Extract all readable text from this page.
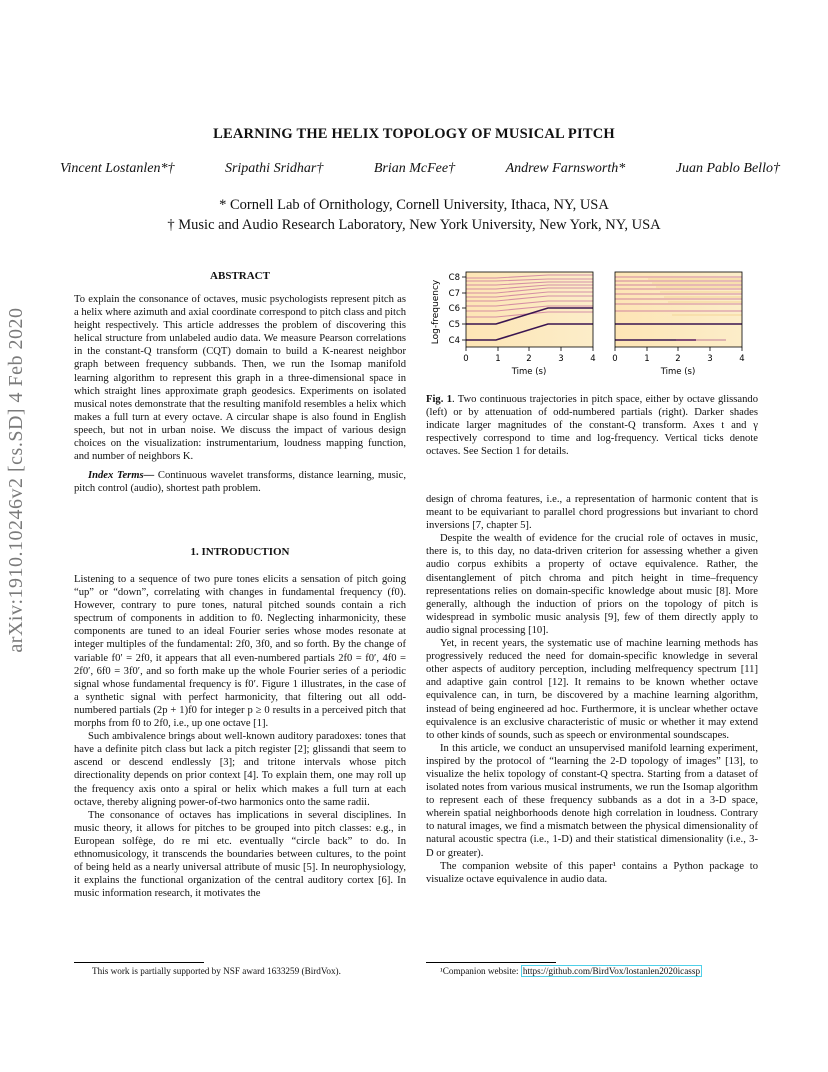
arXiv:1910.10246v2 [cs.SD] 4 Feb 2020
LEARNING THE HELIX TOPOLOGY OF MUSICAL PITCH
Vincent Lostanlen*†	Sripathi Sridhar†	Brian McFee†	Andrew Farnsworth*	Juan Pablo Bello†
* Cornell Lab of Ornithology, Cornell University, Ithaca, NY, USA
† Music and Audio Research Laboratory, New York University, New York, NY, USA
ABSTRACT

To explain the consonance of octaves, music psychologists represent pitch as a helix where azimuth and axial coordinate correspond to pitch class and pitch height respectively. This article addresses the problem of discovering this helical structure from unlabeled audio data. We measure Pearson correlations in the constant-Q transform (CQT) domain to build a K-nearest neighbor graph between frequency subbands. Then, we run the Isomap manifold learning algorithm to represent this graph in a three-dimensional space in which straight lines approximate graph geodesics. Experiments on isolated musical notes demonstrate that the resulting manifold resembles a helix which makes a full turn at every octave. A circular shape is also found in English speech, but not in urban noise. We discuss the impact of various design choices on the visualization: instrumentarium, loudness mapping function, and number of neighbors K.

Index Terms— Continuous wavelet transforms, distance learning, music, pitch control (audio), shortest path problem.

1. INTRODUCTION

Listening to a sequence of two pure tones elicits a sensation of pitch going “up” or “down”, correlating with changes in fundamental frequency (f0). However, contrary to pure tones, natural pitched sounds contain a rich spectrum of components in addition to f0. Neglecting inharmonicity, these components are tuned to an ideal Fourier series whose modes resonate at integer multiples of the fundamental: 2f0, 3f0, and so forth. By the change of variable f0′ = 2f0, it appears that all even-numbered partials 2f0 = f0′, 4f0 = 2f0′, 6f0 = 3f0′, and so forth make up the whole Fourier series of a periodic signal whose fundamental frequency is f0′. Figure 1 illustrates, in the case of a synthetic signal with perfect harmonicity, that filtering out all odd-numbered partials (2p + 1)f0 for integer p ≥ 0 results in a perceived pitch that morphs from f0 to 2f0, i.e., up one octave [1].

Such ambivalence brings about well-known auditory paradoxes: tones that have a definite pitch class but lack a pitch register [2]; glissandi that seem to ascend or descend endlessly [3]; and tritone intervals whose pitch directionality depends on prior context [4]. To explain them, one may roll up the frequency axis onto a spiral or helix which makes a full turn at each octave, thereby aligning power-of-two harmonics onto the same radii.

The consonance of octaves has implications in several disciplines. In music theory, it allows for pitches to be grouped into pitch classes: e.g., in European solfège, do re mi etc. eventually “circle back” to do. In ethnomusicology, it transcends the boundaries between cultures, to the point of being held as a nearly universal attribute of music [5]. In neurophysiology, it explains the functional organization of the central auditory cortex [6]. In music information research, it motivates the

This work is partially supported by NSF award 1633259 (BirdVox).
Log-frequency
C8
C7
C6
C5
C4
0	1	2	3	4 0	1	2	3	4
Time (s)	Time (s)
Fig. 1. Two continuous trajectories in pitch space, either by octave glissando (left) or by attenuation of odd-numbered partials (right). Darker shades indicate larger magnitudes of the constant-Q transform. Axes t and γ respectively correspond to time and log-frequency. Vertical ticks denote octaves. See Section 1 for details.

design of chroma features, i.e., a representation of harmonic content that is meant to be equivariant to parallel chord progressions but invariant to chord inversions [7, chapter 5].

Despite the wealth of evidence for the crucial role of octaves in music, there is, to this day, no data-driven criterion for assessing whether a given audio corpus exhibits a property of octave equivalence. Rather, the disentanglement of pitch chroma and pitch height in time–frequency representations relies on domain-specific knowledge about music [8]. More generally, although the induction of priors on the topology of pitch is widespread in symbolic music analysis [9], few of them directly apply to audio signal processing [10].

Yet, in recent years, the systematic use of machine learning methods has progressively reduced the need for domain-specific knowledge in several other aspects of auditory perception, including melfrequency spectrum [11] and adaptive gain control [12]. It remains to be known whether octave equivalence can, in turn, be discovered by a machine learning algorithm, instead of being engineered ad hoc. Furthermore, it is unclear whether octave equivalence is an exclusive characteristic of music or whether it may extend to other kinds of sounds, such as speech or environmental soundscapes.

In this article, we conduct an unsupervised manifold learning experiment, inspired by the protocol of “learning the 2-D topology of images” [13], to visualize the helix topology of constant-Q spectra. Starting from a dataset of isolated notes from various musical instruments, we run the Isomap algorithm to represent each of these frequency subbands as a dot in a 3-D space, wherein spatial neighborhoods denote high correlation in loudness. Contrary to natural images, we find a mismatch between the physical dimensionality of natural acoustic spectra (i.e., 1-D) and their statistical dimensionality (i.e., 3-D or greater).

The companion website of this paper¹ contains a Python package to visualize octave equivalence in audio data.

¹Companion website: https://github.com/BirdVox/lostanlen2020icassp
